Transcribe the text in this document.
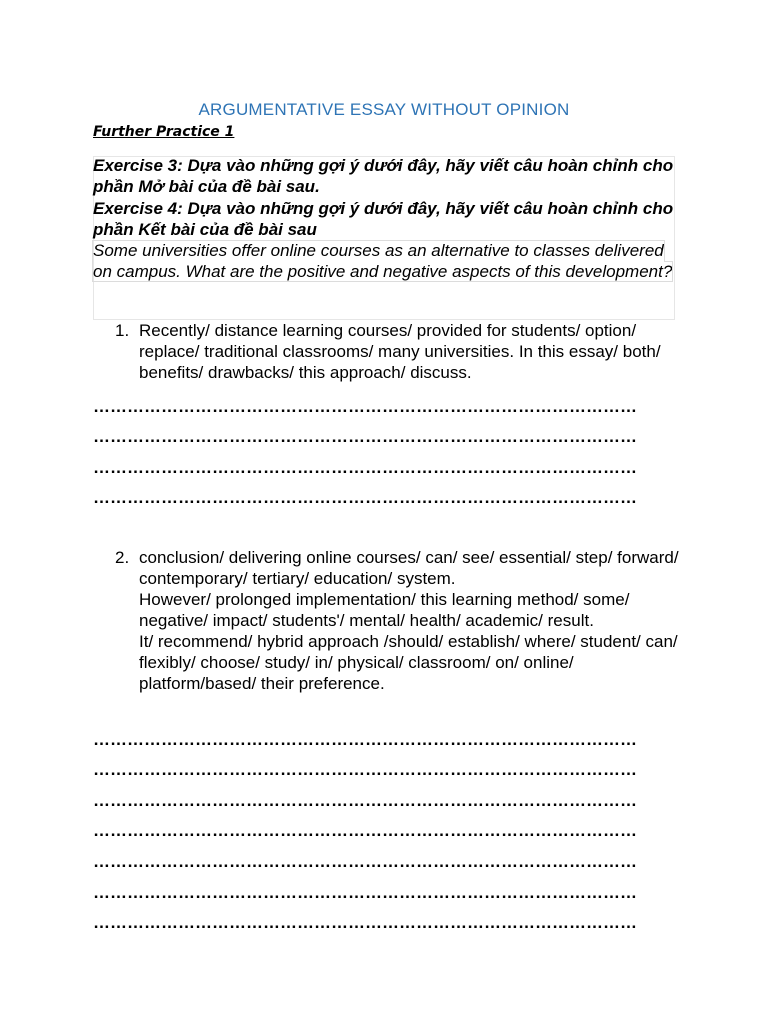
ARGUMENTATIVE ESSAY WITHOUT OPINION
Further Practice 1
Exercise 3: Dựa vào những gợi ý dưới đây, hãy viết câu hoàn chỉnh cho phần Mở bài của đề bài sau.
Exercise 4: Dựa vào những gợi ý dưới đây, hãy viết câu hoàn chỉnh cho phần Kết bài của đề bài sau
Some universities offer online courses as an alternative to classes delivered on campus. What are the positive and negative aspects of this development?
1. Recently/ distance learning courses/ provided for students/ option/ replace/ traditional classrooms/ many universities. In this essay/ both/ benefits/ drawbacks/ this approach/ discuss.
……………………………………………………………………………………
……………………………………………………………………………………
……………………………………………………………………………………
……………………………………………………………………………………
2. conclusion/ delivering online courses/ can/ see/ essential/ step/ forward/ contemporary/ tertiary/ education/ system.
However/ prolonged implementation/ this learning method/ some/ negative/ impact/ students'/ mental/ health/ academic/ result.
It/ recommend/ hybrid approach /should/ establish/ where/ student/ can/ flexibly/ choose/ study/ in/ physical/ classroom/ on/ online/ platform/based/ their preference.
……………………………………………………………………………………
……………………………………………………………………………………
……………………………………………………………………………………
……………………………………………………………………………………
……………………………………………………………………………………
……………………………………………………………………………………
……………………………………………………………………………………
